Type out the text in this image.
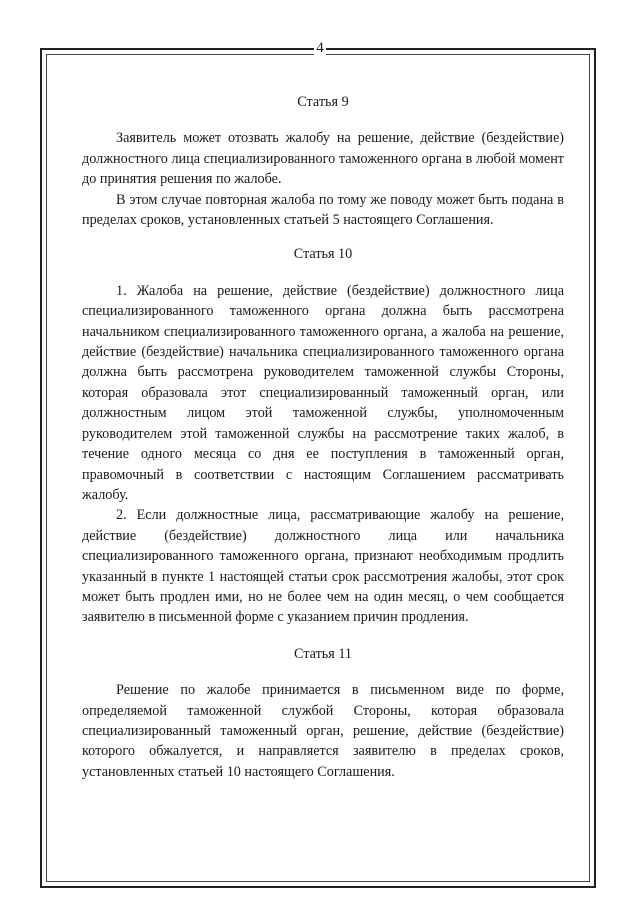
4
Статья 9

Заявитель может отозвать жалобу на решение, действие (бездействие) должностного лица специализированного таможенного органа в любой момент до принятия решения по жалобе.

В этом случае повторная жалоба по тому же поводу может быть подана в пределах сроков, установленных статьей 5 настоящего Соглашения.

Статья 10

1. Жалоба на решение, действие (бездействие) должностного лица специализированного таможенного органа должна быть рассмотрена начальником специализированного таможенного органа, а жалоба на решение, действие (бездействие) начальника специализированного таможенного органа должна быть рассмотрена руководителем таможенной службы Стороны, которая образовала этот специализированный таможенный орган, или должностным лицом этой таможенной службы, уполномоченным руководителем этой таможенной службы на рассмотрение таких жалоб, в течение одного месяца со дня ее поступления в таможенный орган, правомочный в соответствии с настоящим Соглашением рассматривать жалобу.

2. Если должностные лица, рассматривающие жалобу на решение, действие (бездействие) должностного лица или начальника специализированного таможенного органа, признают необходимым продлить указанный в пункте 1 настоящей статьи срок рассмотрения жалобы, этот срок может быть продлен ими, но не более чем на один месяц, о чем сообщается заявителю в письменной форме с указанием причин продления.

Статья 11

Решение по жалобе принимается в письменном виде по форме, определяемой таможенной службой Стороны, которая образовала специализированный таможенный орган, решение, действие (бездействие) которого обжалуется, и направляется заявителю в пределах сроков, установленных статьей 10 настоящего Соглашения.
